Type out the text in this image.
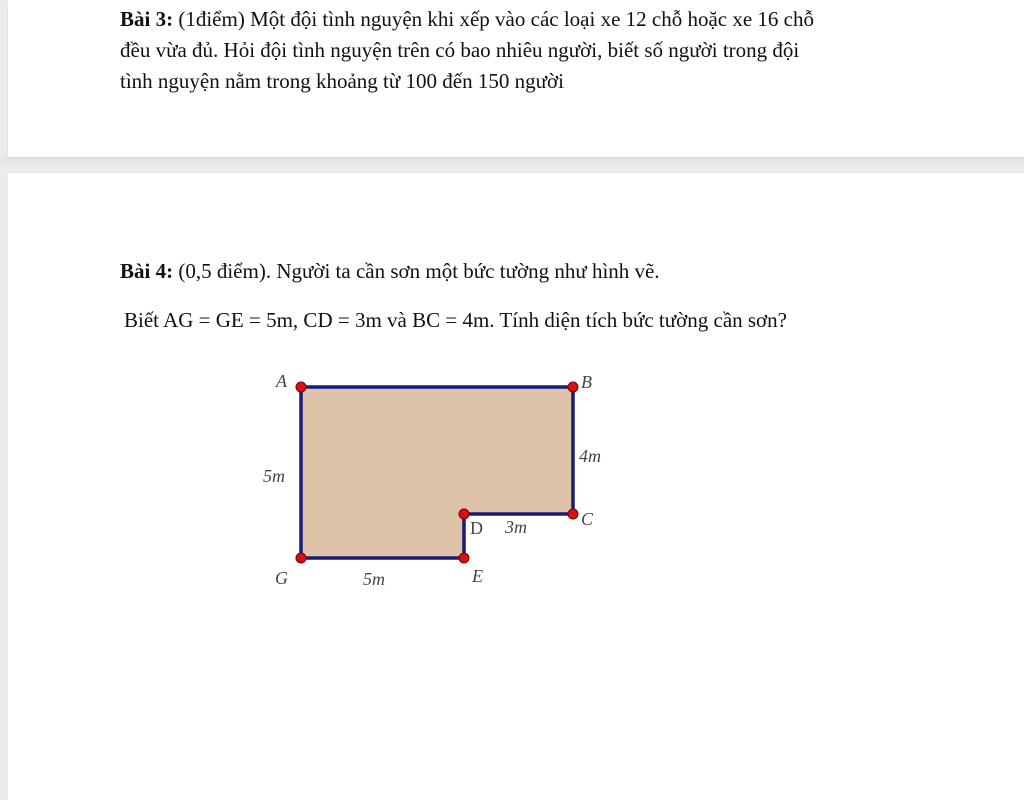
Bài 3: (1điểm) Một đội tình nguyện khi xếp vào các loại xe 12 chỗ hoặc xe 16 chỗ
đều vừa đủ. Hỏi đội tình nguyện trên có bao nhiêu người, biết số người trong đội
tình nguyện nằm trong khoảng từ 100 đến 150 người
Bài 4: (0,5 điểm). Người ta cần sơn một bức tường như hình vẽ.
Biết AG = GE = 5m, CD = 3m và BC = 4m. Tính diện tích bức tường cần sơn?
A	B
C
D
E
G
5m
5m
4m
3m
